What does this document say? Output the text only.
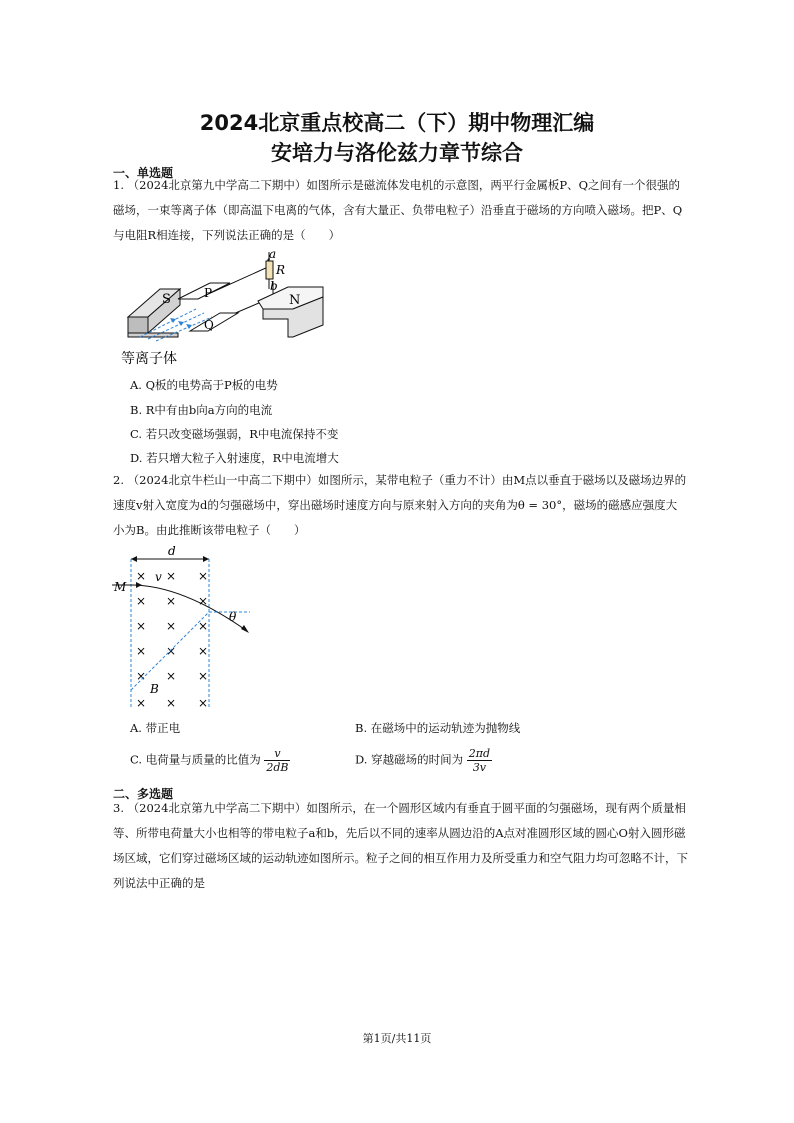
2024北京重点校高二（下）期中物理汇编
安培力与洛伦兹力章节综合
一、单选题
1. （2024北京第九中学高二下期中）如图所示是磁流体发电机的示意图，两平行金属板P、Q之间有一个很强的磁场，一束等离子体（即高温下电离的气体，含有大量正、负带电粒子）沿垂直于磁场的方向喷入磁场。把P、Q与电阻R相连接，下列说法正确的是（　　）
a
R
b
S	P
Q
N
等离子体
A. Q板的电势高于P板的电势
B. R中有由b向a方向的电流
C. 若只改变磁场强弱，R中电流保持不变
D. 若只增大粒子入射速度，R中电流增大
2. （2024北京牛栏山一中高二下期中）如图所示，某带电粒子（重力不计）由M点以垂直于磁场以及磁场边界的速度v射入宽度为d的匀强磁场中，穿出磁场时速度方向与原来射入方向的夹角为θ = 30°，磁场的磁感应强度大小为B。由此推断该带电粒子（　　）
d
× × ×
× × ×
× × ×
× × ×
× × ×
× × ×
M
v
θ
B
A. 带正电	B. 在磁场中的运动轨迹为抛物线
C. 电荷量与质量的比值为 $\frac{v}{2dB}$	D. 穿越磁场的时间为 $\frac{2\pi d}{3v}$
二、多选题
3. （2024北京第九中学高二下期中）如图所示，在一个圆形区域内有垂直于圆平面的匀强磁场，现有两个质量相等、所带电荷量大小也相等的带电粒子a和b，先后以不同的速率从圆边沿的A点对准圆形区域的圆心O射入圆形磁场区域，它们穿过磁场区域的运动轨迹如图所示。粒子之间的相互作用力及所受重力和空气阻力均可忽略不计，下列说法中正确的是
第1页/共11页
